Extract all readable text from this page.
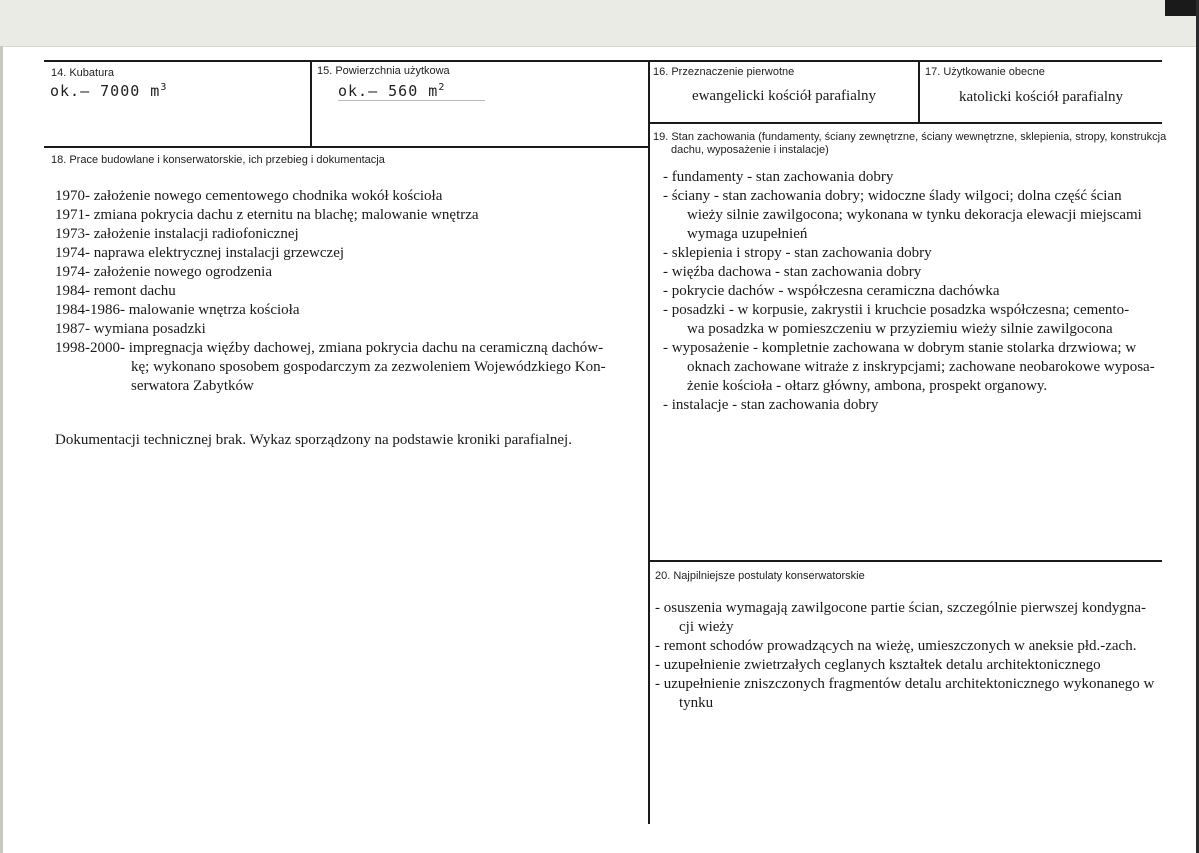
14. Kubatura
ok.– 7000 $m^3$
15. Powierzchnia użytkowa
ok.– 560 $m^2$
16. Przeznaczenie pierwotne
ewangelicki kościół parafialny
17. Użytkowanie obecne
katolicki kościół parafialny
18. Prace budowlane i konserwatorskie, ich przebieg i dokumentacja
1970 - założenie nowego cementowego chodnika wokół kościoła
1971 - zmiana pokrycia dachu z eternitu na blachę; malowanie wnętrza
1973 - założenie instalacji radiofonicznej
1974 - naprawa elektrycznej instalacji grzewczej
1974 - założenie nowego ogrodzenia
1984 - remont dachu
1984-1986 - malowanie wnętrza kościoła
1987 - wymiana posadzki
1998-2000 - impregnacja więźby dachowej, zmiana pokrycia dachu na ceramiczną dachów-
kę; wykonano sposobem gospodarczym za zezwoleniem Wojewódzkiego Kon-
serwatora Zabytków
Dokumentacji technicznej brak. Wykaz sporządzony na podstawie kroniki parafialnej.
19. Stan zachowania (fundamenty, ściany zewnętrzne, ściany wewnętrzne, sklepienia, stropy, konstrukcja
dachu, wyposażenie i instalacje)
- fundamenty - stan zachowania dobry
- ściany - stan zachowania dobry; widoczne ślady wilgoci; dolna część ścian
wieży silnie zawilgocona; wykonana w tynku dekoracja elewacji miejscami
wymaga uzupełnień
- sklepienia i stropy - stan zachowania dobry
- więźba dachowa - stan zachowania dobry
- pokrycie dachów - współczesna ceramiczna dachówka
- posadzki - w korpusie, zakrystii i kruchcie posadzka współczesna; cemento-
wa posadzka w pomieszczeniu w przyziemiu wieży silnie zawilgocona
- wyposażenie - kompletnie zachowana w dobrym stanie stolarka drzwiowa; w
oknach zachowane witraże z inskrypcjami; zachowane neobarokowe wyposa-
żenie kościoła - ołtarz główny, ambona, prospekt organowy.
- instalacje - stan zachowania dobry
20. Najpilniejsze postulaty konserwatorskie
- osuszenia wymagają zawilgocone partie ścian, szczególnie pierwszej kondygna-
cji wieży
- remont schodów prowadzących na wieżę, umieszczonych w aneksie płd.-zach.
- uzupełnienie zwietrzałych ceglanych kształtek detalu architektonicznego
- uzupełnienie zniszczonych fragmentów detalu architektonicznego wykonanego w
tynku
